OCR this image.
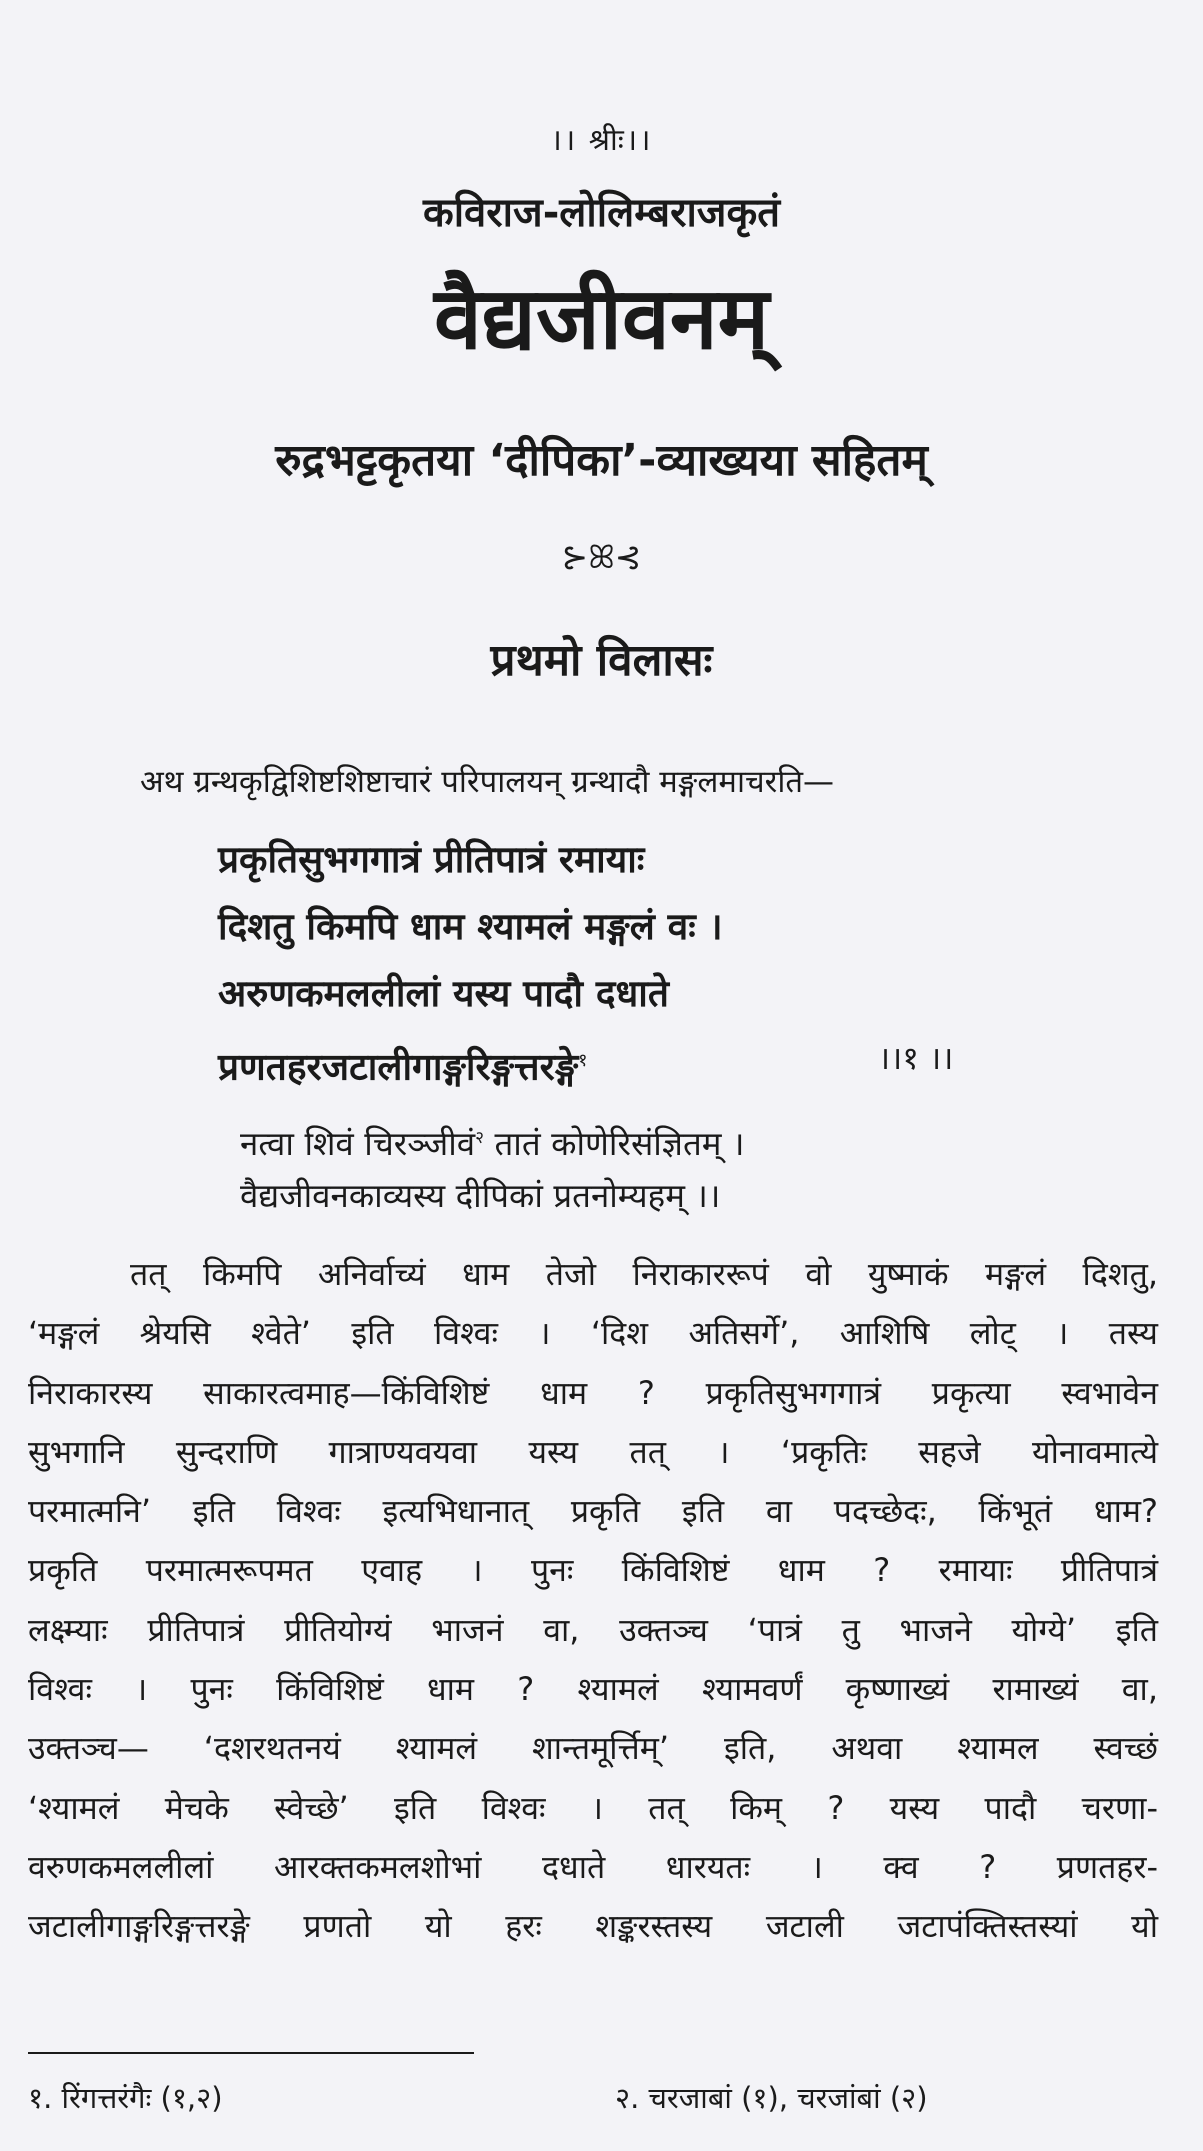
।। श्रीः।।
कविराज-लोलिम्बराजकृतं
वैद्यजीवनम्
रुद्रभट्टकृतया ‘दीपिका’-व्याख्यया सहितम्
⊱ꕤ⊰
प्रथमो विलासः
अथ ग्रन्थकृद्विशिष्टशिष्टाचारं परिपालयन् ग्रन्थादौ मङ्गलमाचरति—
प्रकृतिसुभगगात्रं प्रीतिपात्रं रमायाः
दिशतु किमपि धाम श्यामलं मङ्गलं वः ।
अरुणकमललीलां यस्य पादौ दधाते
प्रणतहरजटालीगाङ्गरिङ्गत्तरङ्गे$^१$	।।१ ।।
नत्वा शिवं चिरञ्जीवं$^२$ तातं कोणेरिसंज्ञितम् ।
वैद्यजीवनकाव्यस्य दीपिकां प्रतनोम्यहम् ।।
तत् किमपि अनिर्वाच्यं धाम तेजो निराकाररूपं वो युष्माकं मङ्गलं दिशतु,
‘मङ्गलं श्रेयसि श्वेते’ इति विश्वः । ‘दिश अतिसर्गे’, आशिषि लोट् । तस्य
निराकारस्य साकारत्वमाह—किंविशिष्टं धाम ? प्रकृतिसुभगगात्रं प्रकृत्या स्वभावेन
सुभगानि सुन्दराणि गात्राण्यवयवा यस्य तत् । ‘प्रकृतिः सहजे योनावमात्ये
परमात्मनि’ इति विश्वः इत्यभिधानात् प्रकृति इति वा पदच्छेदः, किंभूतं धाम?
प्रकृति परमात्मरूपमत एवाह । पुनः किंविशिष्टं धाम ? रमायाः प्रीतिपात्रं
लक्ष्म्याः प्रीतिपात्रं प्रीतियोग्यं भाजनं वा, उक्तञ्च ‘पात्रं तु भाजने योग्ये’ इति
विश्वः । पुनः किंविशिष्टं धाम ? श्यामलं श्यामवर्णं कृष्णाख्यं रामाख्यं वा,
उक्तञ्च— ‘दशरथतनयं श्यामलं शान्तमूर्त्तिम्’ इति, अथवा श्यामल स्वच्छं
‘श्यामलं मेचके स्वेच्छे’ इति विश्वः । तत् किम् ? यस्य पादौ चरणा-
वरुणकमललीलां आरक्तकमलशोभां दधाते धारयतः । क्व ? प्रणतहर-
जटालीगाङ्गरिङ्गत्तरङ्गे प्रणतो यो हरः शङ्करस्तस्य जटाली जटापंक्तिस्तस्यां यो
१. रिंगत्तरंगैः (१,२)	२. चरजाबां (१), चरजांबां (२)
